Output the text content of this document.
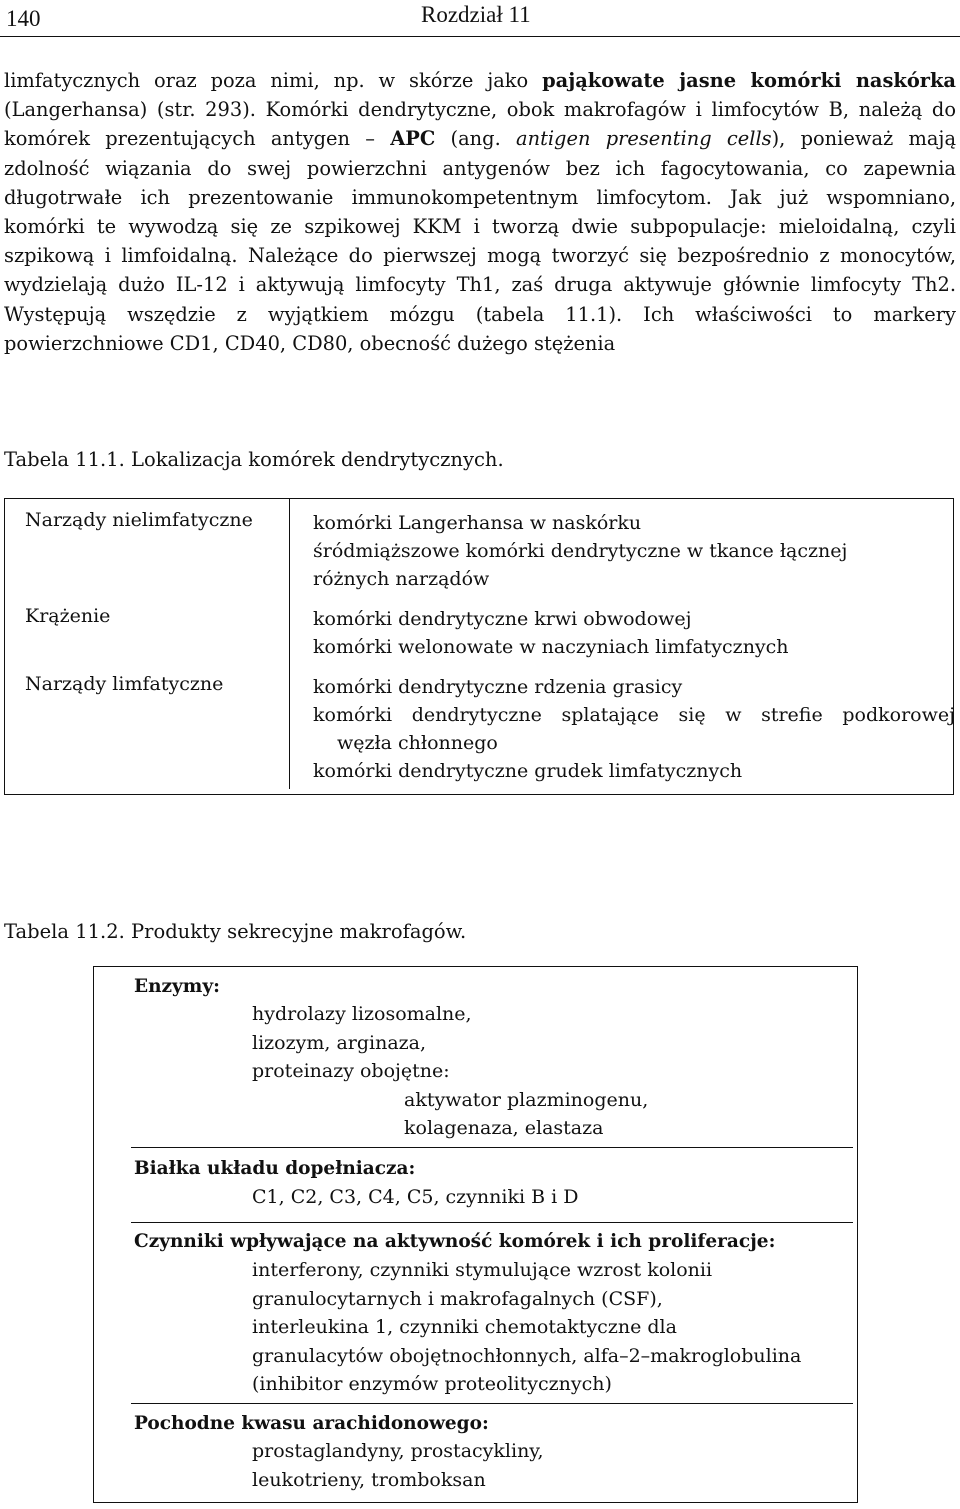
140	Rozdział 11

limfatycznych oraz poza nimi, np. w skórze jako pająkowate jasne komórki naskórka (Langerhansa) (str. 293). Komórki dendrytyczne, obok makrofagów i limfocytów B, należą do komórek prezentujących antygen – APC (ang. antigen presenting cells), ponieważ mają zdolność wiązania do swej powierzchni antygenów bez ich fagocytowania, co zapewnia długotrwałe ich prezentowanie immunokompetentnym limfocytom. Jak już wspomniano, komórki te wywodzą się ze szpikowej KKM i tworzą dwie subpopulacje: mieloidalną, czyli szpikową i limfoidalną. Należące do pierwszej mogą tworzyć się bezpośrednio z monocytów, wydzielają dużo IL-12 i aktywują limfocyty Th1, zaś druga aktywuje głównie limfocyty Th2. Występują wszędzie z wyjątkiem mózgu (tabela 11.1). Ich właściwości to markery powierzchniowe CD1, CD40, CD80, obecność dużego stężenia

Tabela 11.1. Lokalizacja komórek dendrytycznych.
Narządy nielimfatyczne	komórki Langerhansa w naskórku
śródmiąższowe komórki dendrytyczne w tkance łącznej
różnych narządów
Krążenie	komórki dendrytyczne krwi obwodowej
komórki welonowate w naczyniach limfatycznych
Narządy limfatyczne	komórki dendrytyczne rdzenia grasicy
komórki dendrytyczne splatające się w strefie podkorowej
węzła chłonnego
komórki dendrytyczne grudek limfatycznych
Tabela 11.2. Produkty sekrecyjne makrofagów.
Enzymy:
hydrolazy lizosomalne,
lizozym, arginaza,
proteinazy obojętne:
aktywator plazminogenu,
kolagenaza, elastaza
Białka układu dopełniacza:
C1, C2, C3, C4, C5, czynniki B i D
Czynniki wpływające na aktywność komórek i ich proliferacje:
interferony, czynniki stymulujące wzrost kolonii
granulocytarnych i makrofagalnych (CSF),
interleukina 1, czynniki chemotaktyczne dla
granulacytów obojętnochłonnych, alfa–2–makroglobulina
(inhibitor enzymów proteolitycznych)
Pochodne kwasu arachidonowego:
prostaglandyny, prostacykliny,
leukotrieny, tromboksan
